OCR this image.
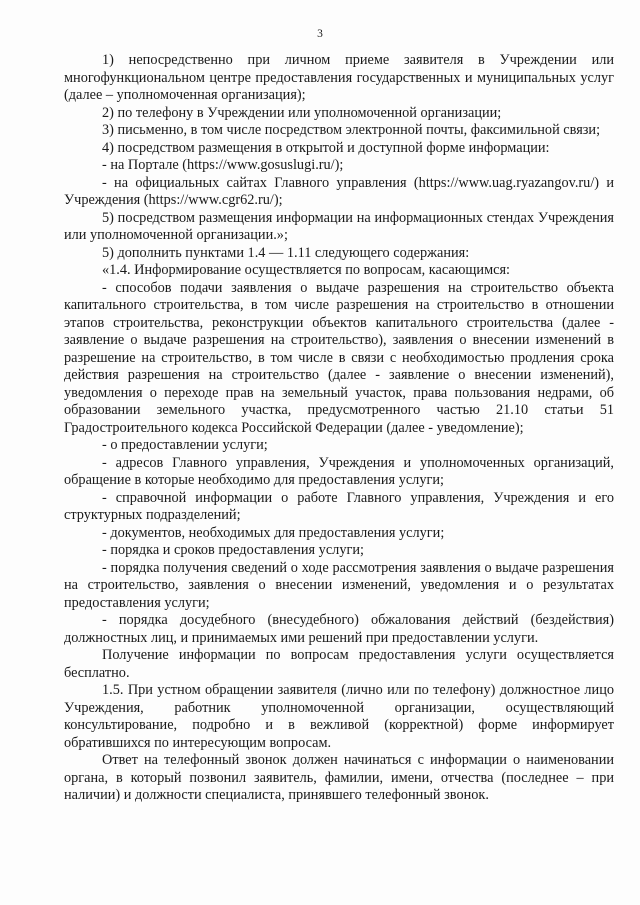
3

1) непосредственно при личном приеме заявителя в Учреждении или многофункциональном центре предоставления государственных и муниципальных услуг (далее – уполномоченная организация);

2) по телефону в Учреждении или уполномоченной организации;

3) письменно, в том числе посредством электронной почты, факсимильной связи;

4) посредством размещения в открытой и доступной форме информации:

- на Портале (https://www.gosuslugi.ru/);

- на официальных сайтах Главного управления (https://www.uag.ryazangov.ru/) и Учреждения (https://www.cgr62.ru/);

5) посредством размещения информации на информационных стендах Учреждения или уполномоченной организации.»;

5) дополнить пунктами 1.4 — 1.11 следующего содержания:

«1.4. Информирование осуществляется по вопросам, касающимся:

- способов подачи заявления о выдаче разрешения на строительство объекта капитального строительства, в том числе разрешения на строительство в отношении этапов строительства, реконструкции объектов капитального строительства (далее - заявление о выдаче разрешения на строительство), заявления о внесении изменений в разрешение на строительство, в том числе в связи с необходимостью продления срока действия разрешения на строительство (далее - заявление о внесении изменений), уведомления о переходе прав на земельный участок, права пользования недрами, об образовании земельного участка, предусмотренного частью 21.10 статьи 51 Градостроительного кодекса Российской Федерации (далее - уведомление);

- о предоставлении услуги;

- адресов Главного управления, Учреждения и уполномоченных организаций, обращение в которые необходимо для предоставления услуги;

- справочной информации о работе Главного управления, Учреждения и его структурных подразделений;

- документов, необходимых для предоставления услуги;

- порядка и сроков предоставления услуги;

- порядка получения сведений о ходе рассмотрения заявления о выдаче разрешения на строительство, заявления о внесении изменений, уведомления и о результатах предоставления услуги;

- порядка досудебного (внесудебного) обжалования действий (бездействия) должностных лиц, и принимаемых ими решений при предоставлении услуги.

Получение информации по вопросам предоставления услуги осуществляется бесплатно.

1.5. При устном обращении заявителя (лично или по телефону) должностное лицо Учреждения, работник уполномоченной организации, осуществляющий консультирование, подробно и в вежливой (корректной) форме информирует обратившихся по интересующим вопросам.

Ответ на телефонный звонок должен начинаться с информации о наименовании органа, в который позвонил заявитель, фамилии, имени, отчества (последнее – при наличии) и должности специалиста, принявшего телефонный звонок.
